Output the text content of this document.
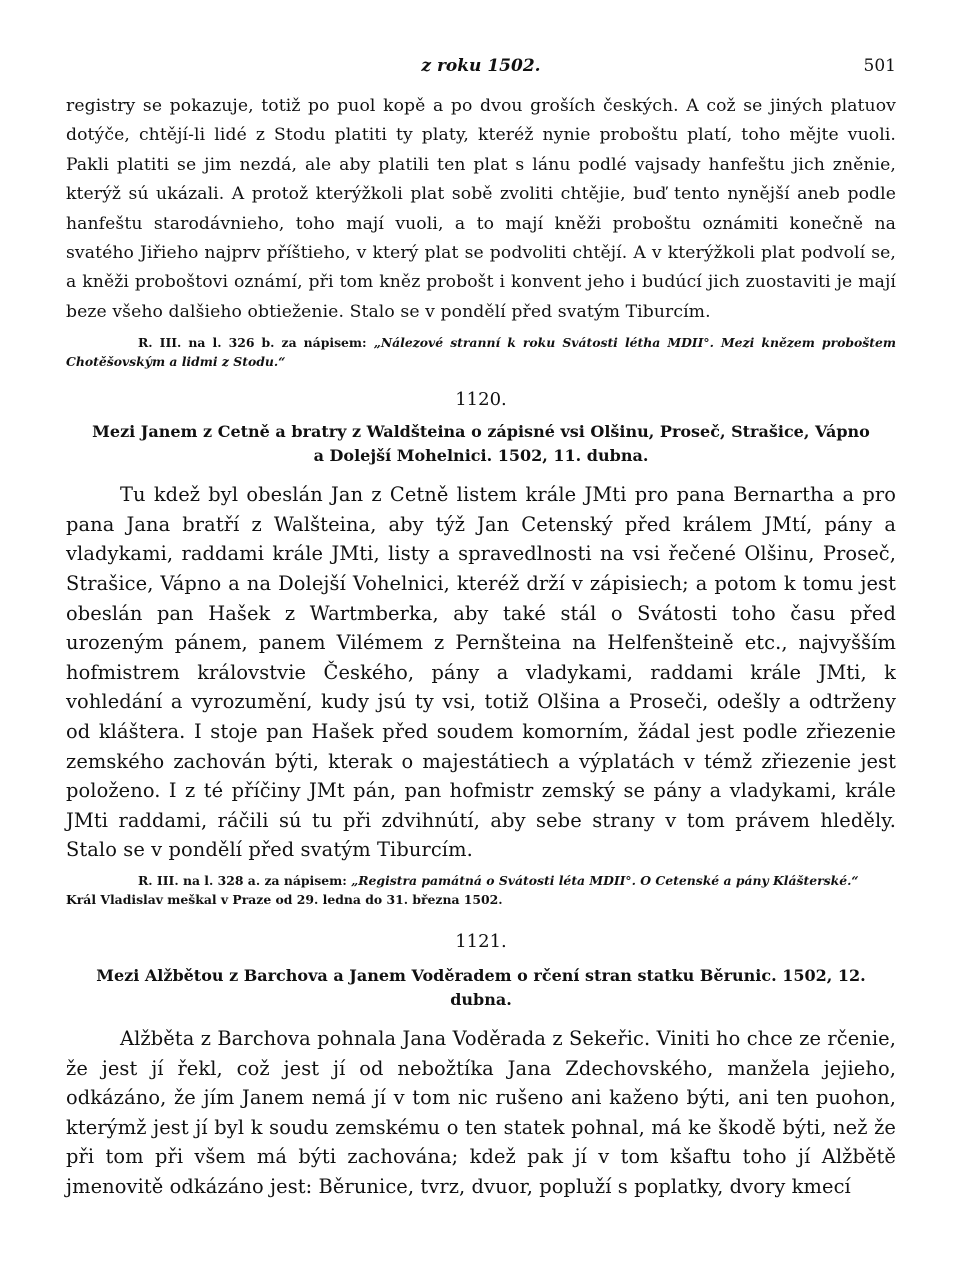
z roku 1502.	501

registry se pokazuje, totiž po puol kopě a po dvou groších českých. A což se jiných platuov dotýče, chtějí-li lidé z Stodu platiti ty platy, kteréž nynie proboštu platí, toho mějte vuoli. Pakli platiti se jim nezdá, ale aby platili ten plat s lánu podlé vajsady hanfeštu jich zněnie, kterýž sú ukázali. A protož kterýžkoli plat sobě zvoliti chtějie, buď tento nynější aneb podle hanfeštu starodávnieho, toho mají vuoli, a to mají kněži proboštu oznámiti konečně na svatého Jiřieho najprv příštieho, v který plat se podvoliti chtějí. A v kterýžkoli plat podvolí se, a kněži proboštovi oznámí, při tom kněz probošt i konvent jeho i budúcí jich zuostaviti je mají beze všeho dalšieho obtieženie. Stalo se v pondělí před svatým Tiburcím.

R. III. na l. 326 b. za nápisem: „Nálezové stranní k roku Svátosti létha MDII°. Mezi knězem proboštem Chotěšovským a lidmi z Stodu.“

1120.

Mezi Janem z Cetně a bratry z Waldšteina o zápisné vsi Olšinu, Proseč, Strašice, Vápno
a Dolejší Mohelnici. 1502, 11. dubna.

Tu kdež byl obeslán Jan z Cetně listem krále JMti pro pana Bernartha a pro pana Jana bratří z Walšteina, aby týž Jan Cetenský před králem JMtí, pány a vladykami, raddami krále JMti, listy a spravedlnosti na vsi řečené Olšinu, Proseč, Strašice, Vápno a na Dolejší Vohelnici, kteréž drží v zápisiech; a potom k tomu jest obeslán pan Hašek z Wartmberka, aby také stál o Svátosti toho času před urozeným pánem, panem Vilémem z Pernšteina na Helfenšteině etc., najvyšším hofmistrem královstvie Českého, pány a vladykami, raddami krále JMti, k vohledání a vyrozumění, kudy jsú ty vsi, totiž Olšina a Proseči, odešly a odtrženy od kláštera. I stoje pan Hašek před soudem komorním, žádal jest podle zřiezenie zemského zachován býti, kterak o majestátiech a výplatách v témž zřiezenie jest položeno. I z té příčiny JMt pán, pan hofmistr zemský se pány a vladykami, krále JMti raddami, ráčili sú tu při zdvihnútí, aby sebe strany v tom právem hleděly. Stalo se v pondělí před svatým Tiburcím.

R. III. na l. 328 a. za nápisem: „Registra památná o Svátosti léta MDII°. O Cetenské a pány Klášterské.“

Král Vladislav meškal v Praze od 29. ledna do 31. března 1502.

1121.

Mezi Alžbětou z Barchova a Janem Voděradem o rčení stran statku Běrunic. 1502, 12. dubna.

Alžběta z Barchova pohnala Jana Voděrada z Sekeřic. Viniti ho chce ze rčenie, že jest jí řekl, což jest jí od nebožtíka Jana Zdechovského, manžela jejieho, odkázáno, že jím Janem nemá jí v tom nic rušeno ani kaženo býti, ani ten puohon, kterýmž jest jí byl k soudu zemskému o ten statek pohnal, má ke škodě býti, než že při tom při všem má býti zachována; kdež pak jí v tom kšaftu toho jí Alžbětě jmenovitě odkázáno jest: Běrunice, tvrz, dvuor, popluží s poplatky, dvory kmecí
